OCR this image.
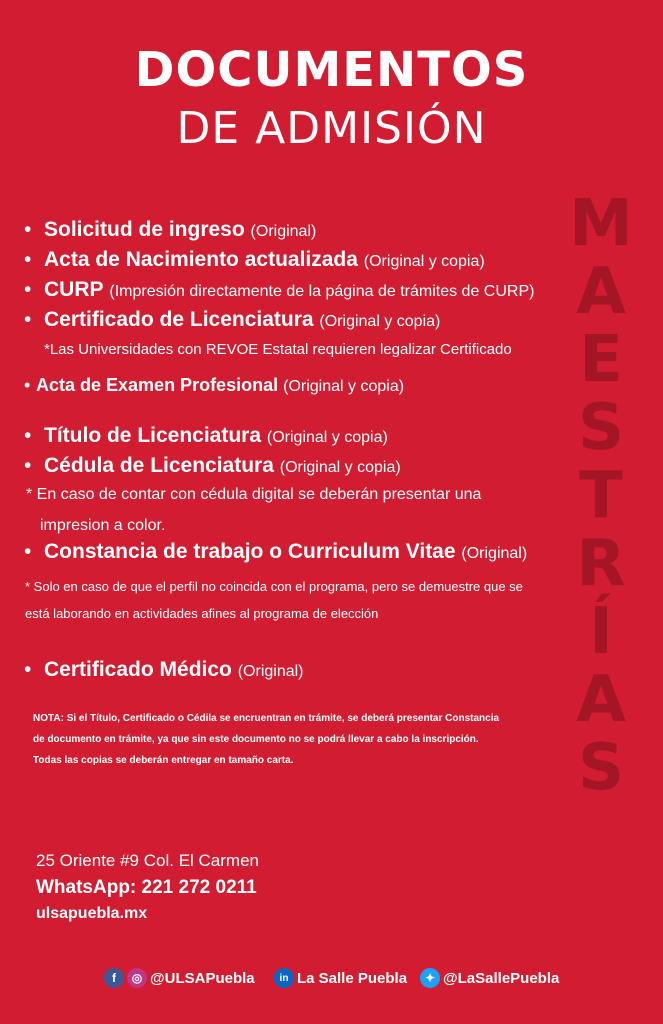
DOCUMENTOS
DE ADMISIÓN
M
A
E
S
T
R
Í
A
S
• Solicitud de ingreso (Original)
• Acta de Nacimiento actualizada (Original y copia)
• CURP (Impresión directamente de la página de trámites de CURP)
• Certificado de Licenciatura (Original y copia)
*Las Universidades con REVOE Estatal requieren legalizar Certificado
• Acta de Examen Profesional (Original y copia)
• Título de Licenciatura (Original y copia)
• Cédula de Licenciatura (Original y copia)
* En caso de contar con cédula digital se deberán presentar una
impresion a color.
• Constancia de trabajo o Curriculum Vitae (Original)
* Solo en caso de que el perfil no coincida con el programa, pero se demuestre que se
está laborando en actividades afines al programa de elección
• Certificado Médico (Original)
NOTA: Si el Título, Certificado o Cédila se encruentran en trámite, se deberá presentar Constancia
de documento en trámite, ya que sin este documento no se podrá llevar a cabo la inscripción.
Todas las copias se deberán entregar en tamaño carta.
25 Oriente #9 Col. El Carmen
WhatsApp: 221 272 0211
ulsapuebla.mx
f	◎ @ULSAPuebla	in La Salle Puebla	✦ @LaSallePuebla
